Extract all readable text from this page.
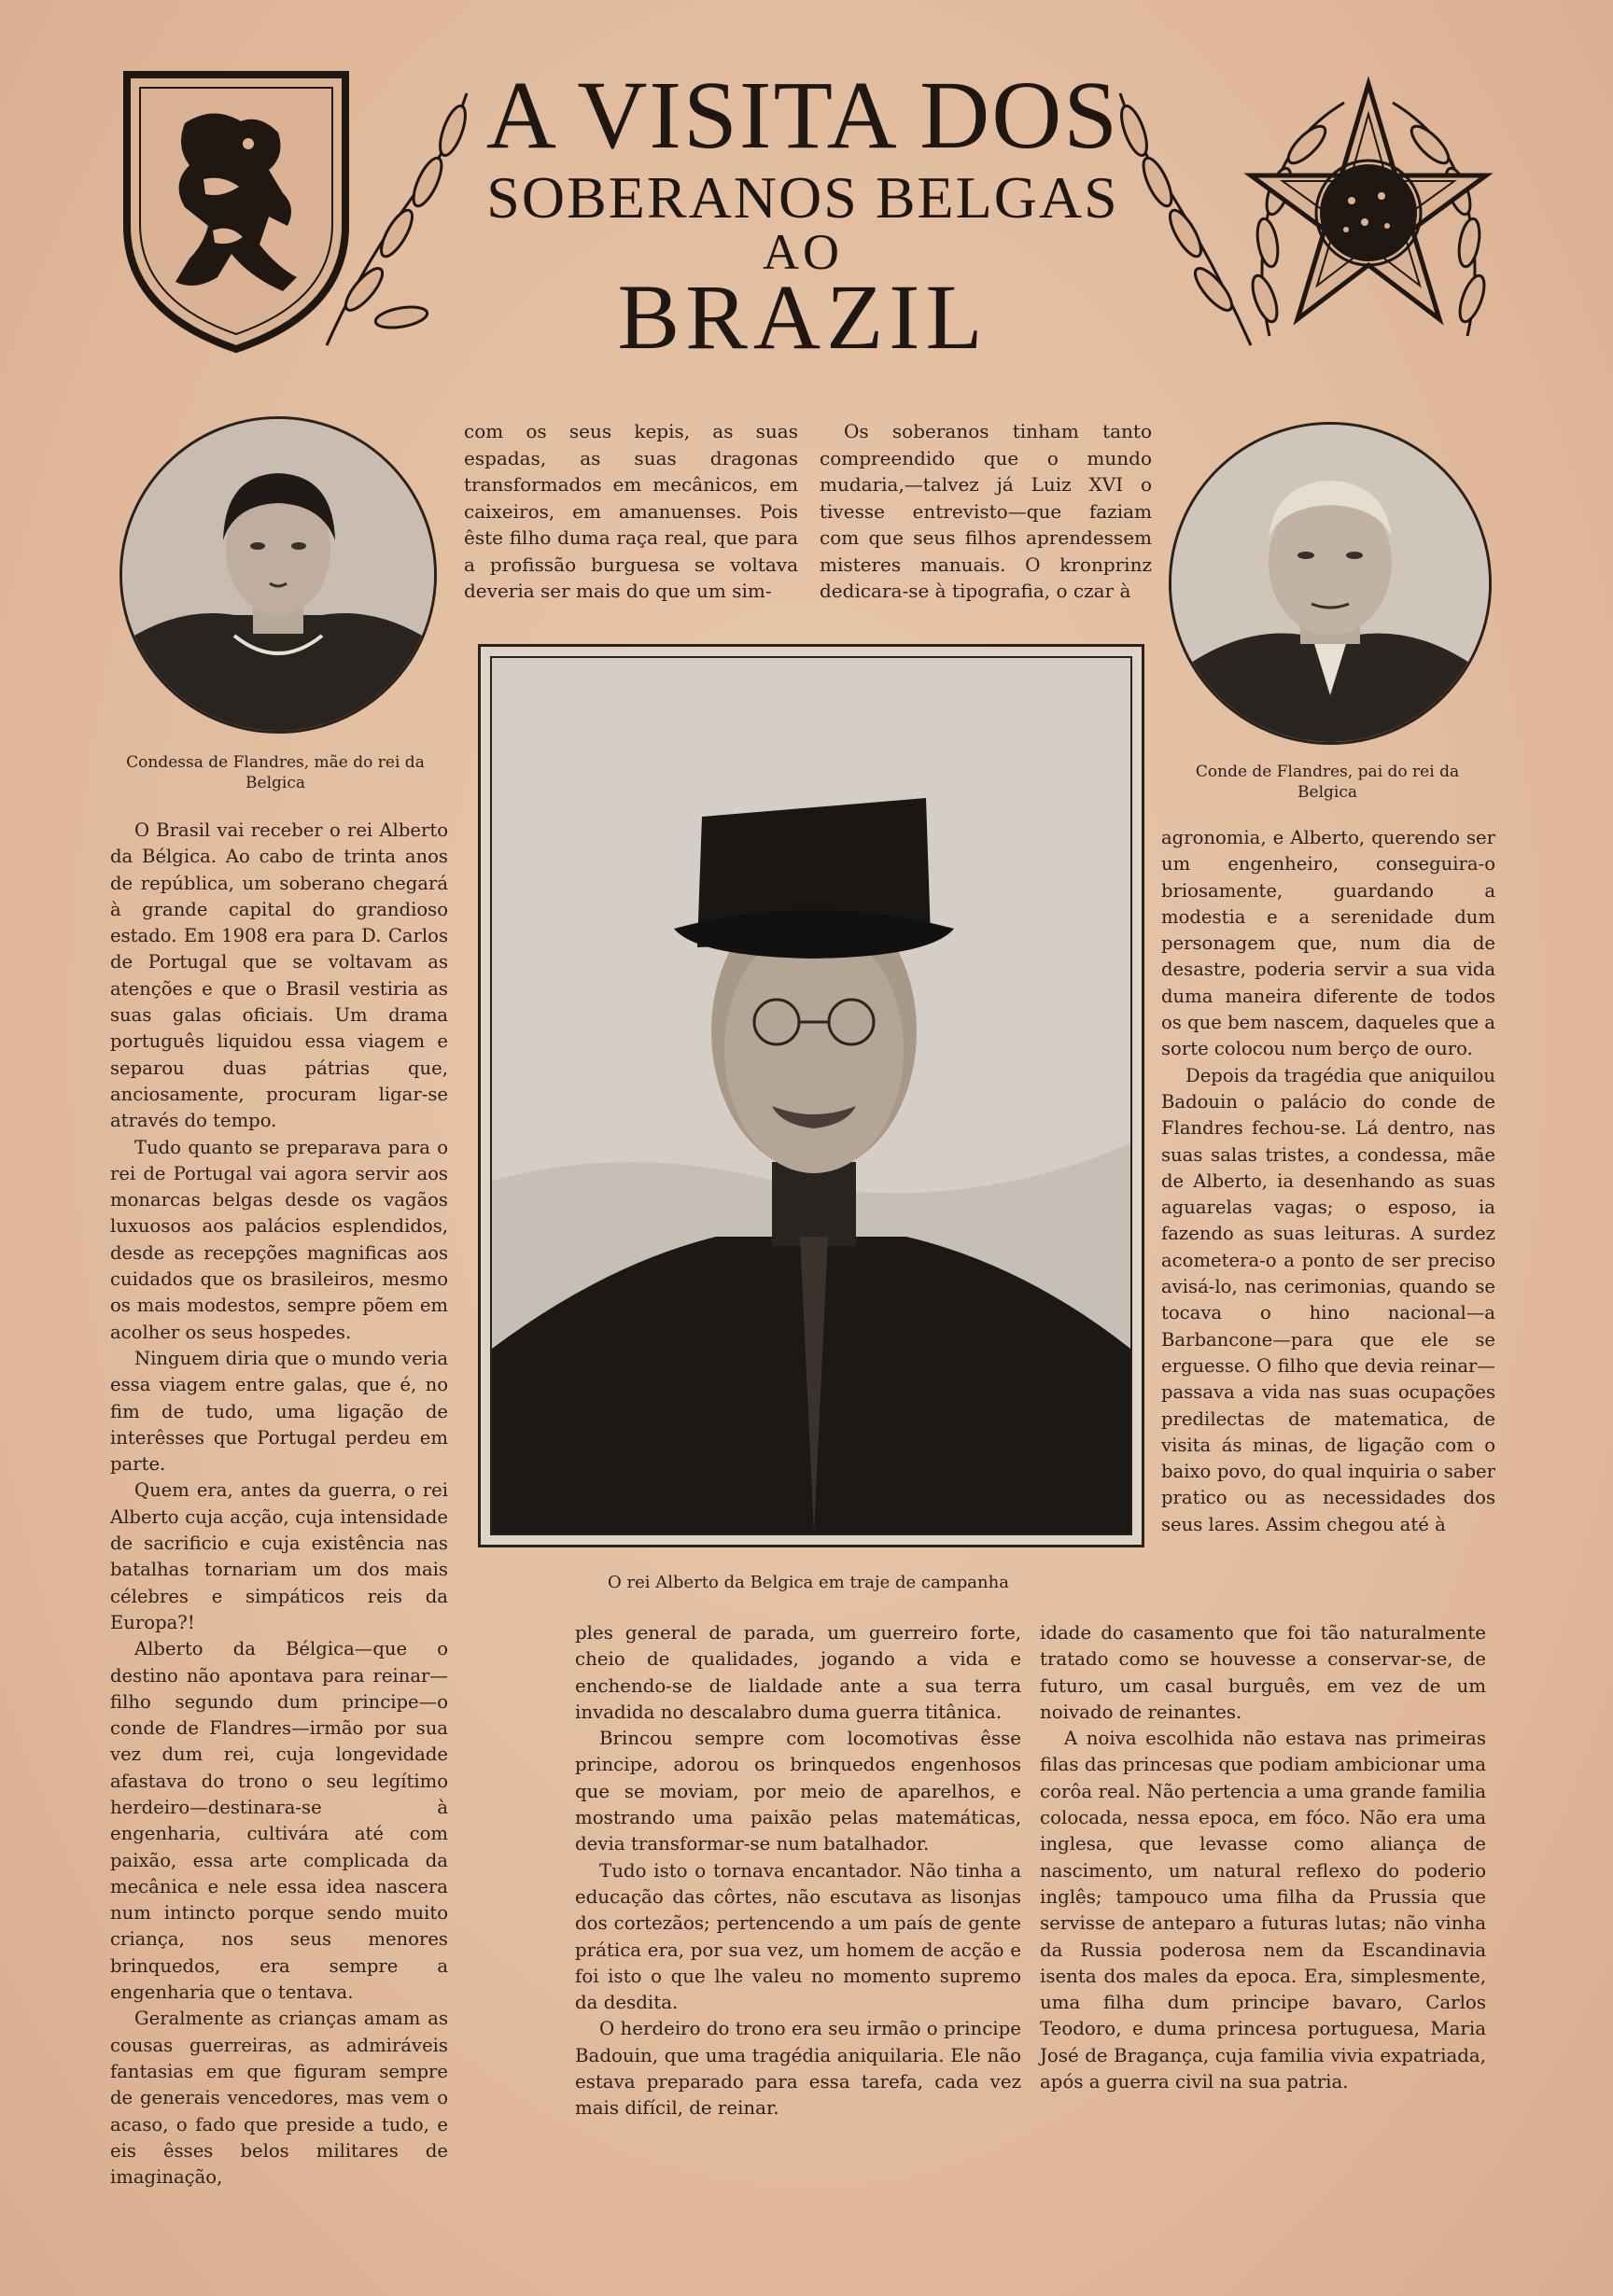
A VISITA DOS
SOBERANOS BELGAS
AO
BRAZIL
Condessa de Flandres, mãe do rei da Belgica
Conde de Flandres, pai do rei da Belgica
O rei Alberto da Belgica em traje de campanha

com os seus kepis, as suas espadas, as suas dragonas transformados em mecânicos, em caixeiros, em amanuenses. Pois êste filho duma raça real, que para a profissão burguesa se voltava deveria ser mais do que um sim-

Os soberanos tinham tanto compreendido que o mundo mudaria,—talvez já Luiz XVI o tivesse entrevisto—que faziam com que seus filhos aprendessem misteres manuais. O kronprinz dedicara-se à tipografia, o czar à

O Brasil vai receber o rei Alberto da Bélgica. Ao cabo de trinta anos de república, um soberano chegará à grande capital do grandioso estado. Em 1908 era para D. Carlos de Portugal que se voltavam as atenções e que o Brasil vestiria as suas galas oficiais. Um drama português liquidou essa viagem e separou duas pátrias que, anciosamente, procuram ligar-se através do tempo.

Tudo quanto se preparava para o rei de Portugal vai agora servir aos monarcas belgas desde os vagãos luxuosos aos palácios esplendidos, desde as recepções magnificas aos cuidados que os brasileiros, mesmo os mais modestos, sempre põem em acolher os seus hospedes.

Ninguem diria que o mundo veria essa viagem entre galas, que é, no fim de tudo, uma ligação de interêsses que Portugal perdeu em parte.

Quem era, antes da guerra, o rei Alberto cuja acção, cuja intensidade de sacrificio e cuja existência nas batalhas tornariam um dos mais célebres e simpáticos reis da Europa?!

Alberto da Bélgica—que o destino não apontava para reinar—filho segundo dum principe—o conde de Flandres—irmão por sua vez dum rei, cuja longevidade afastava do trono o seu legítimo herdeiro—destinara-se à engenharia, cultivára até com paixão, essa arte complicada da mecânica e nele essa idea nascera num intincto porque sendo muito criança, nos seus menores brinquedos, era sempre a engenharia que o tentava.

Geralmente as crianças amam as cousas guerreiras, as admiráveis fantasias em que figuram sempre de generais vencedores, mas vem o acaso, o fado que preside a tudo, e eis êsses belos militares de imaginação,

agronomia, e Alberto, querendo ser um engenheiro, conseguira-o briosamente, guardando a modestia e a serenidade dum personagem que, num dia de desastre, poderia servir a sua vida duma maneira diferente de todos os que bem nascem, daqueles que a sorte colocou num berço de ouro.

Depois da tragédia que aniquilou Badouin o palácio do conde de Flandres fechou-se. Lá dentro, nas suas salas tristes, a condessa, mãe de Alberto, ia desenhando as suas aguarelas vagas; o esposo, ia fazendo as suas leituras. A surdez acometera-o a ponto de ser preciso avisá-lo, nas cerimonias, quando se tocava o hino nacional—a Barbancone—para que ele se erguesse. O filho que devia reinar—passava a vida nas suas ocupações predilectas de matematica, de visita ás minas, de ligação com o baixo povo, do qual inquiria o saber pratico ou as necessidades dos seus lares. Assim chegou até à

ples general de parada, um guerreiro forte, cheio de qualidades, jogando a vida e enchendo-se de lialdade ante a sua terra invadida no descalabro duma guerra titânica.

Brincou sempre com locomotivas êsse principe, adorou os brinquedos engenhosos que se moviam, por meio de aparelhos, e mostrando uma paixão pelas matemáticas, devia transformar-se num batalhador.

Tudo isto o tornava encantador. Não tinha a educação das côrtes, não escutava as lisonjas dos cortezãos; pertencendo a um país de gente prática era, por sua vez, um homem de acção e foi isto o que lhe valeu no momento supremo da desdita.

O herdeiro do trono era seu irmão o principe Badouin, que uma tragédia aniquilaria. Ele não estava preparado para essa tarefa, cada vez mais difícil, de reinar.

idade do casamento que foi tão naturalmente tratado como se houvesse a conservar-se, de futuro, um casal burguês, em vez de um noivado de reinantes.

A noiva escolhida não estava nas primeiras filas das princesas que podiam ambicionar uma corôa real. Não pertencia a uma grande familia colocada, nessa epoca, em fóco. Não era uma inglesa, que levasse como aliança de nascimento, um natural reflexo do poderio inglês; tampouco uma filha da Prussia que servisse de anteparo a futuras lutas; não vinha da Russia poderosa nem da Escandinavia isenta dos males da epoca. Era, simplesmente, uma filha dum principe bavaro, Carlos Teodoro, e duma princesa portuguesa, Maria José de Bragança, cuja familia vivia expatriada, após a guerra civil na sua patria.
